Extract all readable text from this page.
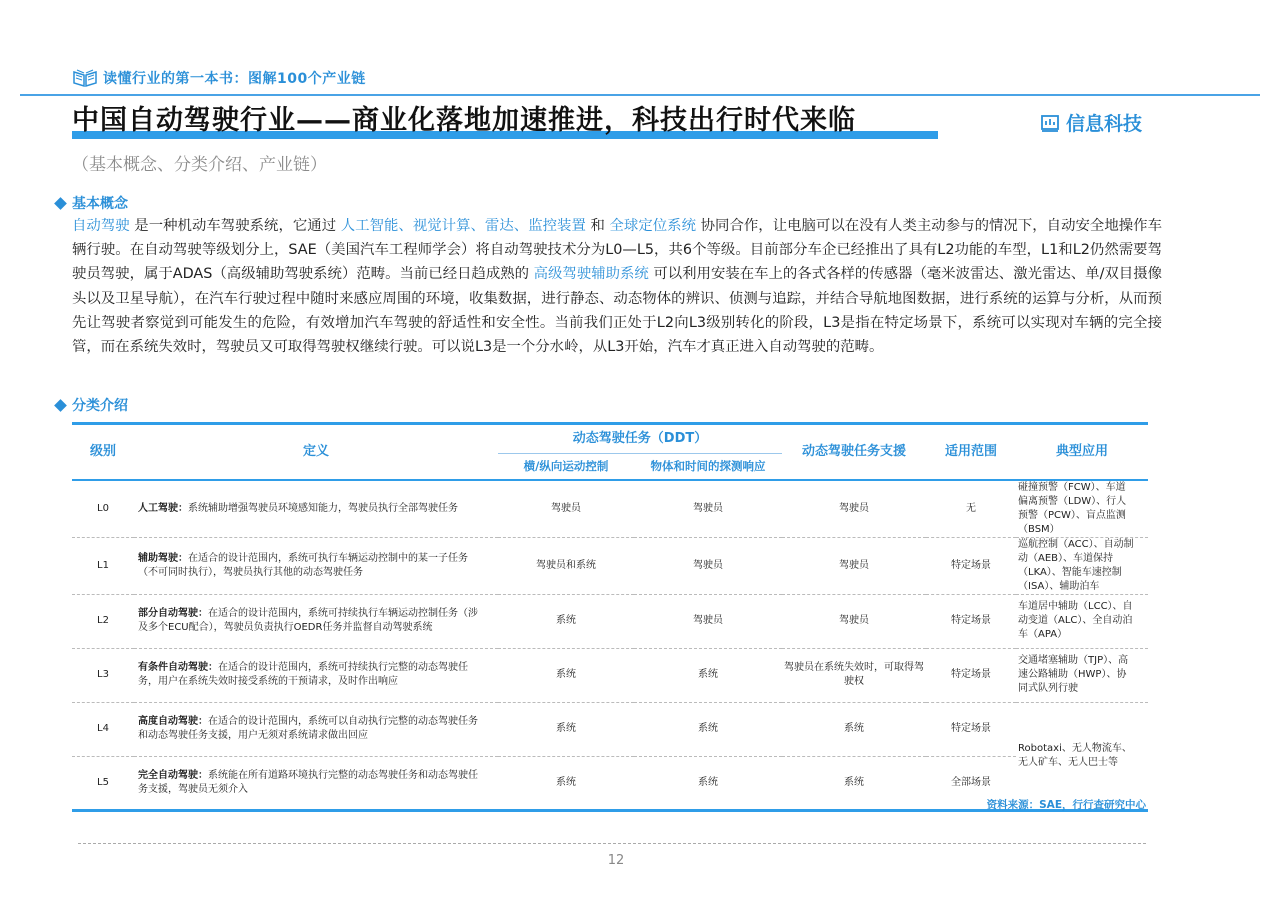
读懂行业的第一本书：图解100个产业链
中国自动驾驶行业——商业化落地加速推进，科技出行时代来临	信息科技
（基本概念、分类介绍、产业链）
基本概念

自动驾驶 是一种机动车驾驶系统，它通过 人工智能、视觉计算、雷达、监控装置 和 全球定位系统 协同合作，让电脑可以在没有人类主动参与的情况下，自动安全地操作车辆行驶。在自动驾驶等级划分上，SAE（美国汽车工程师学会）将自动驾驶技术分为L0—L5，共6个等级。目前部分车企已经推出了具有L2功能的车型，L1和L2仍然需要驾驶员驾驶，属于ADAS（高级辅助驾驶系统）范畴。当前已经日趋成熟的 高级驾驶辅助系统 可以利用安装在车上的各式各样的传感器（毫米波雷达、激光雷达、单/双目摄像头以及卫星导航），在汽车行驶过程中随时来感应周围的环境，收集数据，进行静态、动态物体的辨识、侦测与追踪，并结合导航地图数据，进行系统的运算与分析，从而预先让驾驶者察觉到可能发生的危险，有效增加汽车驾驶的舒适性和安全性。当前我们正处于L2向L3级别转化的阶段，L3是指在特定场景下，系统可以实现对车辆的完全接管，而在系统失效时，驾驶员又可取得驾驶权继续行驶。可以说L3是一个分水岭，从L3开始，汽车才真正进入自动驾驶的范畴。

分类介绍
级别	定义	动态驾驶任务（DDT）		动态驾驶任务支援	适用范围	典型应用
		横/纵向运动控制	物体和时间的探测响应			
L0	人工驾驶：系统辅助增强驾驶员环境感知能力，驾驶员执行全部驾驶任务	驾驶员	驾驶员	驾驶员	无	碰撞预警（FCW）、车道偏离预警（LDW）、行人预警（PCW）、盲点监测（BSM）
L1	辅助驾驶：在适合的设计范围内，系统可执行车辆运动控制中的某一子任务（不可同时执行），驾驶员执行其他的动态驾驶任务	驾驶员和系统	驾驶员	驾驶员	特定场景	巡航控制（ACC）、自动制动（AEB）、车道保持（LKA）、智能车速控制（ISA）、辅助泊车
L2	部分自动驾驶：在适合的设计范围内，系统可持续执行车辆运动控制任务（涉及多个ECU配合），驾驶员负责执行OEDR任务并监督自动驾驶系统	系统	驾驶员	驾驶员	特定场景	车道居中辅助（LCC）、自动变道（ALC）、全自动泊车（APA）
L3	有条件自动驾驶：在适合的设计范围内，系统可持续执行完整的动态驾驶任务，用户在系统失效时接受系统的干预请求，及时作出响应	系统	系统	驾驶员在系统失效时，可取得驾驶权	特定场景	交通堵塞辅助（TJP）、高速公路辅助（HWP）、协同式队列行驶
L4	高度自动驾驶：在适合的设计范围内，系统可以自动执行完整的动态驾驶任务和动态驾驶任务支援，用户无须对系统请求做出回应	系统	系统	系统	特定场景	Robotaxi、无人物流车、无人矿车、无人巴士等
L5	完全自动驾驶：系统能在所有道路环境执行完整的动态驾驶任务和动态驾驶任务支援，驾驶员无须介入	系统	系统	系统	全部场景	
资料来源：SAE，行行查研究中心
12
